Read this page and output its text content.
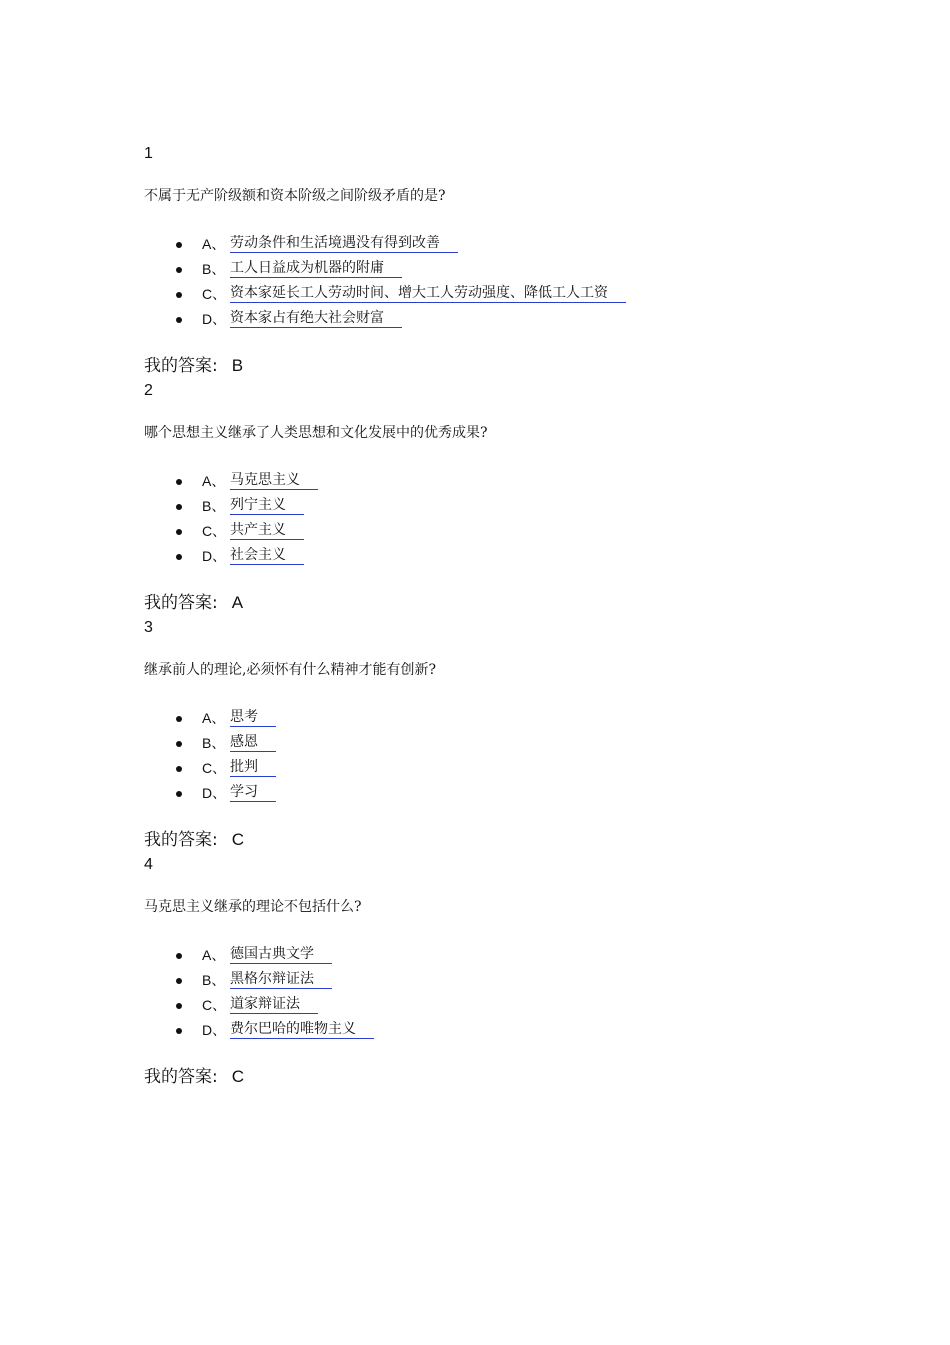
1
不属于无产阶级额和资本阶级之间阶级矛盾的是?
A、 劳动条件和生活境遇没有得到改善
B、 工人日益成为机器的附庸
C、 资本家延长工人劳动时间、增大工人劳动强度、降低工人工资
D、 资本家占有绝大社会财富
我的答案: B
2
哪个思想主义继承了人类思想和文化发展中的优秀成果?
A、 马克思主义
B、 列宁主义
C、 共产主义
D、 社会主义
我的答案: A
3
继承前人的理论,必须怀有什么精神才能有创新?
A、 思考
B、 感恩
C、 批判
D、 学习
我的答案: C
4
马克思主义继承的理论不包括什么?
A、 德国古典文学
B、 黑格尔辩证法
C、 道家辩证法
D、 费尔巴哈的唯物主义
我的答案: C
